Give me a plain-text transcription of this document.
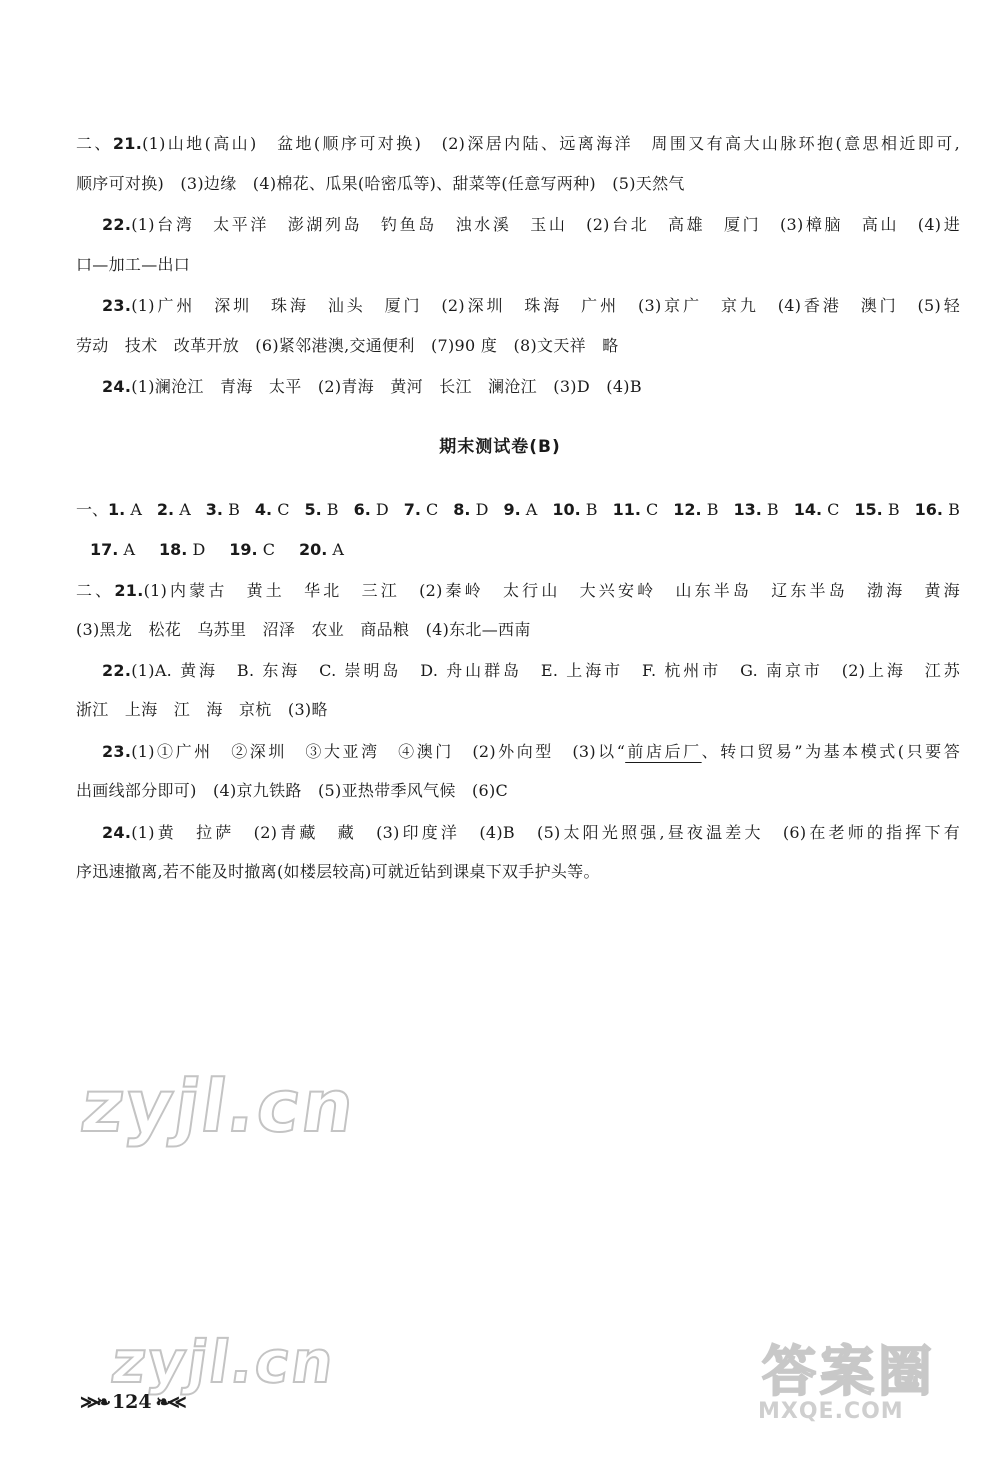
二、21.(1)山地(高山)　盆地(顺序可对换)　(2)深居内陆、远离海洋　周围又有高大山脉环抱(意思相近即可,
顺序可对换)　(3)边缘　(4)棉花、瓜果(哈密瓜等)、甜菜等(任意写两种)　(5)天然气
22.(1)台湾　太平洋　澎湖列岛　钓鱼岛　浊水溪　玉山　(2)台北　高雄　厦门　(3)樟脑　高山　(4)进
口—加工—出口
23.(1)广州　深圳　珠海　汕头　厦门　(2)深圳　珠海　广州　(3)京广　京九　(4)香港　澳门　(5)轻
劳动　技术　改革开放　(6)紧邻港澳,交通便利　(7)90 度　(8)文天祥　略
24.(1)澜沧江　青海　太平　(2)青海　黄河　长江　澜沧江　(3)D　(4)B
期末测试卷(B)
一、1. A 2. A 3. B 4. C 5. B 6. D 7. C 8. D 9. A 10. B 11. C 12. B 13. B 14. C 15. B 16. B
17. A 18. D 19. C 20. A
二、21.(1)内蒙古　黄土　华北　三江　(2)秦岭　太行山　大兴安岭　山东半岛　辽东半岛　渤海　黄海
(3)黑龙　松花　乌苏里　沼泽　农业　商品粮　(4)东北—西南
22.(1)A. 黄海　B. 东海　C. 崇明岛　D. 舟山群岛　E. 上海市　F. 杭州市　G. 南京市　(2)上海　江苏
浙江　上海　江　海　京杭　(3)略
23.(1)①广州　②深圳　③大亚湾　④澳门　(2)外向型　(3)以“前店后厂、转口贸易”为基本模式(只要答
出画线部分即可)　(4)京九铁路　(5)亚热带季风气候　(6)C
24.(1)黄　拉萨　(2)青藏　藏　(3)印度洋　(4)B　(5)太阳光照强,昼夜温差大　(6)在老师的指挥下有
序迅速撤离,若不能及时撤离(如楼层较高)可就近钻到课桌下双手护头等。
zyjl.cn
zyjl.cn	答案圈
MXQE.COM
≫❧ 124 ❧≪
